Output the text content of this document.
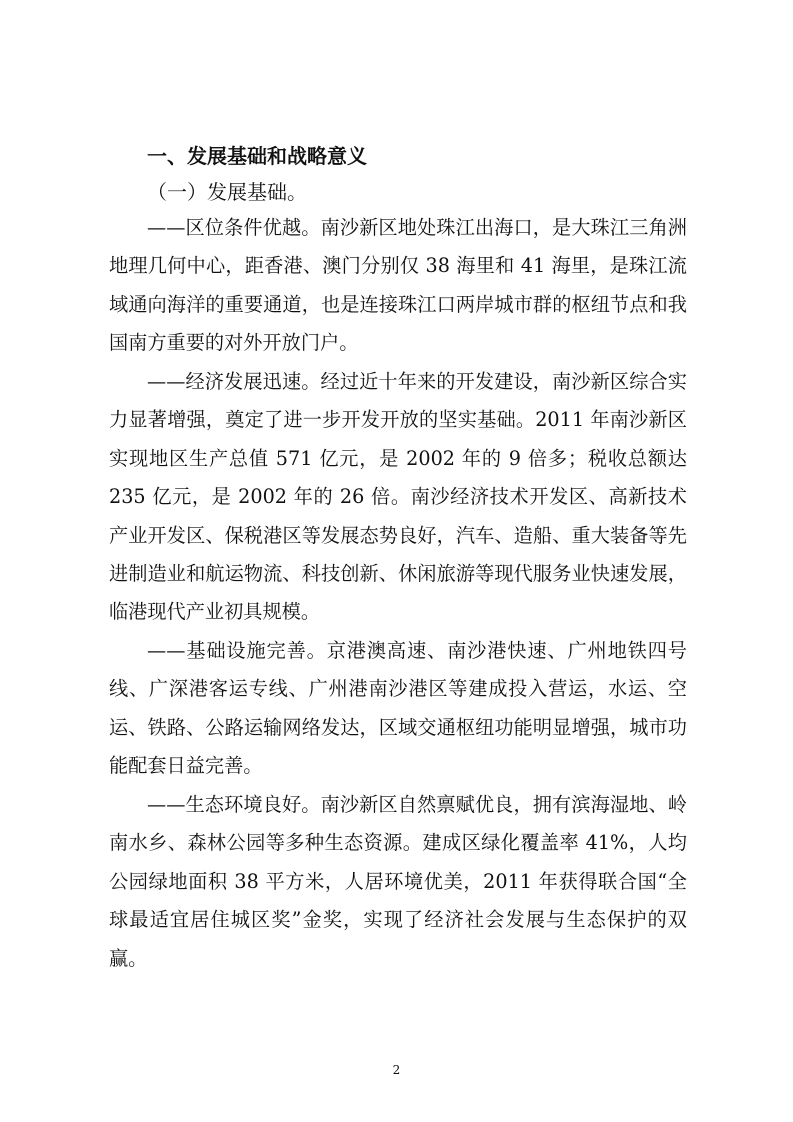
一、发展基础和战略意义
（一）发展基础。

——区位条件优越。南沙新区地处珠江出海口，是大珠江三角洲地理几何中心，距香港、澳门分别仅 38 海里和 41 海里，是珠江流域通向海洋的重要通道，也是连接珠江口两岸城市群的枢纽节点和我国南方重要的对外开放门户。

——经济发展迅速。经过近十年来的开发建设，南沙新区综合实力显著增强，奠定了进一步开发开放的坚实基础。2011 年南沙新区实现地区生产总值 571 亿元，是 2002 年的 9 倍多；税收总额达 235 亿元，是 2002 年的 26 倍。南沙经济技术开发区、高新技术产业开发区、保税港区等发展态势良好，汽车、造船、重大装备等先进制造业和航运物流、科技创新、休闲旅游等现代服务业快速发展，临港现代产业初具规模。

——基础设施完善。京港澳高速、南沙港快速、广州地铁四号线、广深港客运专线、广州港南沙港区等建成投入营运，水运、空运、铁路、公路运输网络发达，区域交通枢纽功能明显增强，城市功能配套日益完善。

——生态环境良好。南沙新区自然禀赋优良，拥有滨海湿地、岭南水乡、森林公园等多种生态资源。建成区绿化覆盖率 41%，人均公园绿地面积 38 平方米，人居环境优美，2011 年获得联合国“全球最适宜居住城区奖”金奖，实现了经济社会发展与生态保护的双赢。

2
